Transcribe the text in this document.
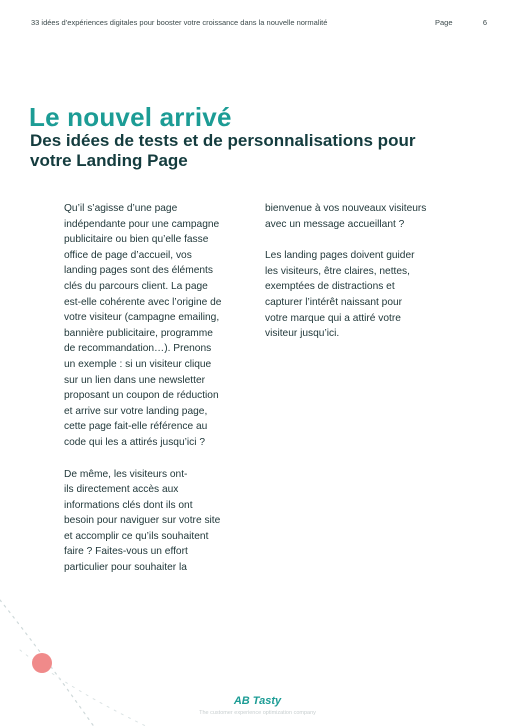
33 idées d’expériences digitales pour booster votre croissance dans la nouvelle normalité	Page	6
Le nouvel arrivé
Des idées de tests et de personnalisations pour votre Landing Page

Qu’il s’agisse d’une page
indépendante pour une campagne
publicitaire ou bien qu’elle fasse
office de page d’accueil, vos
landing pages sont des éléments
clés du parcours client. La page
est-elle cohérente avec l’origine de
votre visiteur (campagne emailing,
bannière publicitaire, programme
de recommandation…). Prenons
un exemple : si un visiteur clique
sur un lien dans une newsletter
proposant un coupon de réduction
et arrive sur votre landing page,
cette page fait-elle référence au
code qui les a attirés jusqu’ici ?

De même, les visiteurs ont-
ils directement accès aux
informations clés dont ils ont
besoin pour naviguer sur votre site
et accomplir ce qu’ils souhaitent
faire ? Faites-vous un effort
particulier pour souhaiter la

bienvenue à vos nouveaux visiteurs
avec un message accueillant ?

Les landing pages doivent guider
les visiteurs, être claires, nettes,
exemptées de distractions et
capturer l’intérêt naissant pour
votre marque qui a attiré votre
visiteur jusqu’ici.

AB Tasty
The customer experience optimization company
